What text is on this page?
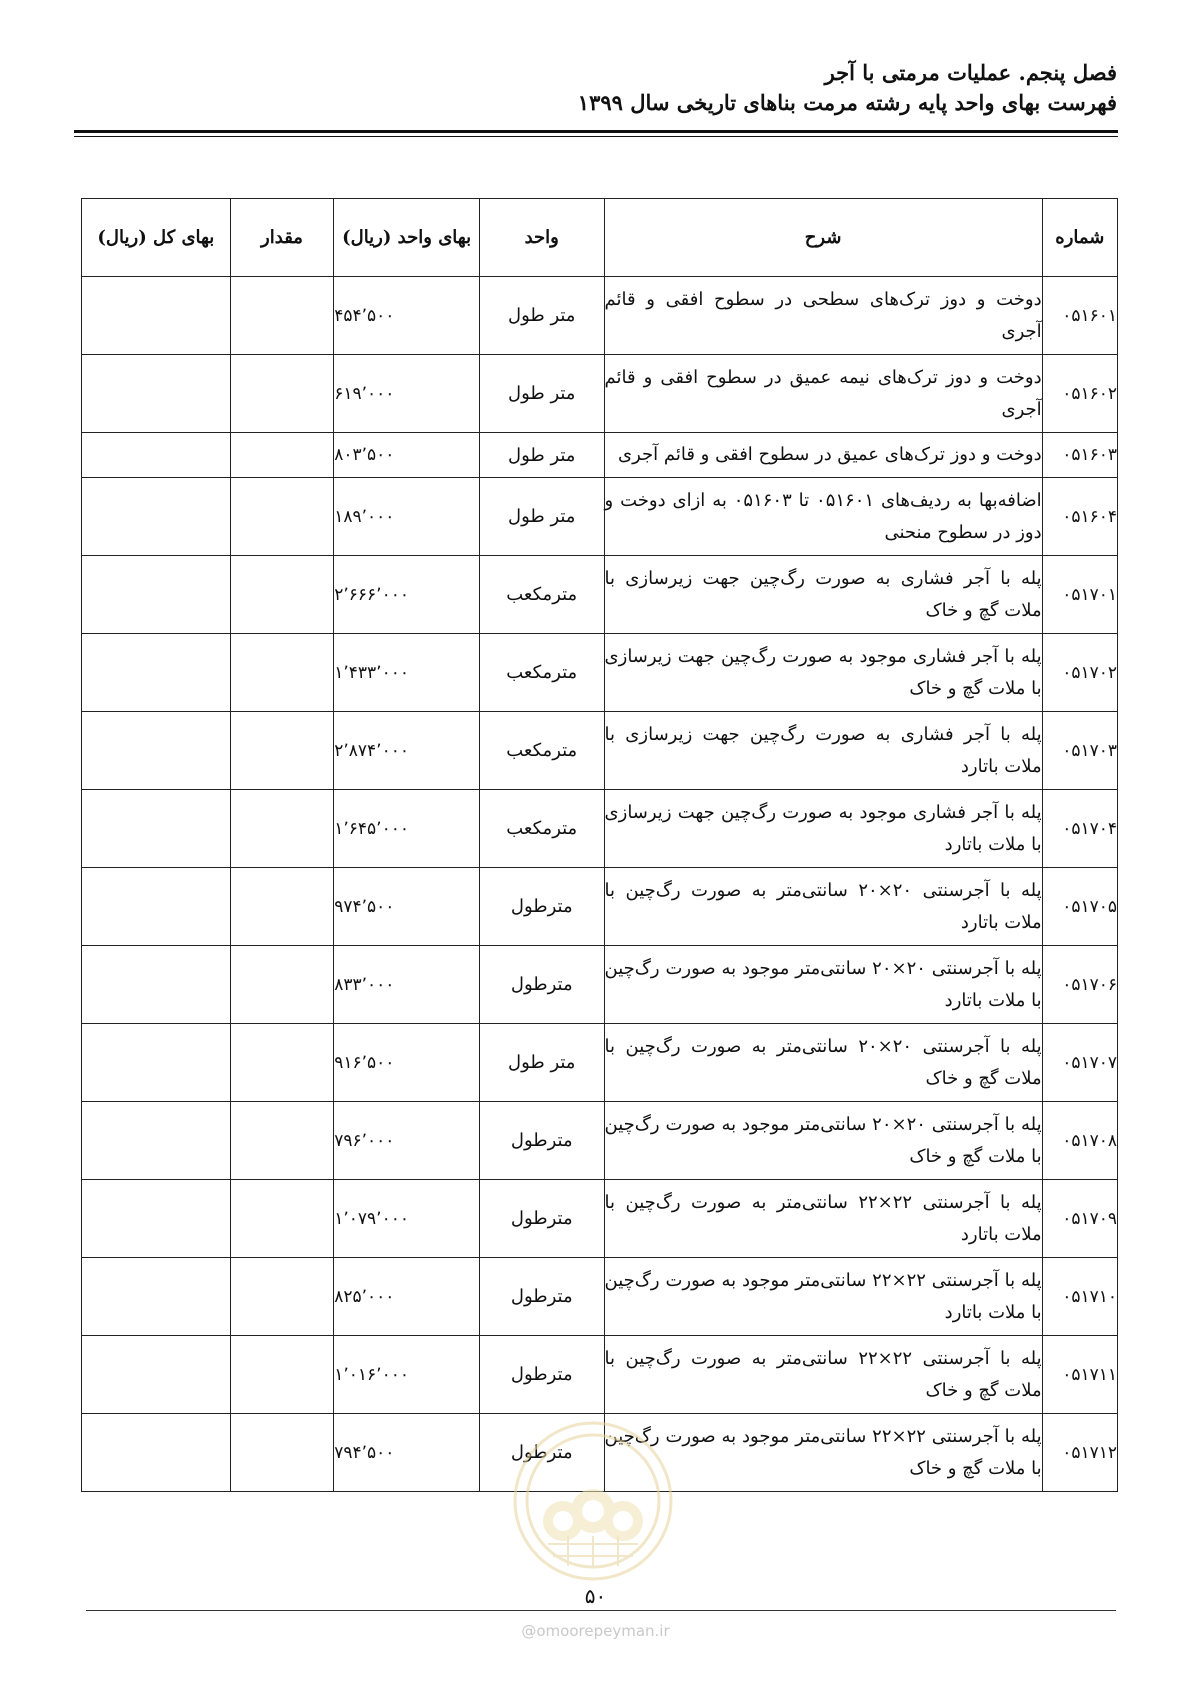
فصل پنجم. عملیات مرمتی با آجر
فهرست بهای واحد پایه رشته مرمت بناهای تاریخی سال ۱۳۹۹
شماره	شرح	واحد	بهای واحد (ریال)	مقدار	بهای کل (ریال)
۰۵۱۶۰۱	دوخت و دوز ترک‌های سطحی در سطوح افقی و قائم آجری	متر طول	۴۵۴٬۵۰۰		
۰۵۱۶۰۲	دوخت و دوز ترک‌های نیمه عمیق در سطوح افقی و قائم آجری	متر طول	۶۱۹٬۰۰۰		
۰۵۱۶۰۳	دوخت و دوز ترک‌های عمیق در سطوح افقی و قائم آجری	متر طول	۸۰۳٬۵۰۰		
۰۵۱۶۰۴	اضافه‌بها به ردیف‌های ۰۵۱۶۰۱ تا ۰۵۱۶۰۳ به ازای دوخت و دوز در سطوح منحنی	متر طول	۱۸۹٬۰۰۰		
۰۵۱۷۰۱	پله با آجر فشاری به صورت رگ‌چین جهت زیرسازی با ملات گچ و خاک	مترمکعب	۲٬۶۶۶٬۰۰۰		
۰۵۱۷۰۲	پله با آجر فشاری موجود به صورت رگ‌چین جهت زیرسازی با ملات گچ و خاک	مترمکعب	۱٬۴۳۳٬۰۰۰		
۰۵۱۷۰۳	پله با آجر فشاری به صورت رگ‌چین جهت زیرسازی با ملات باتارد	مترمکعب	۲٬۸۷۴٬۰۰۰		
۰۵۱۷۰۴	پله با آجر فشاری موجود به صورت رگ‌چین جهت زیرسازی با ملات باتارد	مترمکعب	۱٬۶۴۵٬۰۰۰		
۰۵۱۷۰۵	پله با آجرسنتی ۲۰×۲۰ سانتی‌متر به صورت رگ‌چین با ملات باتارد	مترطول	۹۷۴٬۵۰۰		
۰۵۱۷۰۶	پله با آجرسنتی ۲۰×۲۰ سانتی‌متر موجود به صورت رگ‌چین با ملات باتارد	مترطول	۸۳۳٬۰۰۰		
۰۵۱۷۰۷	پله با آجرسنتی ۲۰×۲۰ سانتی‌متر به صورت رگ‌چین با ملات گچ و خاک	متر طول	۹۱۶٬۵۰۰		
۰۵۱۷۰۸	پله با آجرسنتی ۲۰×۲۰ سانتی‌متر موجود به صورت رگ‌چین با ملات گچ و خاک	مترطول	۷۹۶٬۰۰۰		
۰۵۱۷۰۹	پله با آجرسنتی ۲۲×۲۲ سانتی‌متر به صورت رگ‌چین با ملات باتارد	مترطول	۱٬۰۷۹٬۰۰۰		
۰۵۱۷۱۰	پله با آجرسنتی ۲۲×۲۲ سانتی‌متر موجود به صورت رگ‌چین با ملات باتارد	مترطول	۸۲۵٬۰۰۰		
۰۵۱۷۱۱	پله با آجرسنتی ۲۲×۲۲ سانتی‌متر به صورت رگ‌چین با ملات گچ و خاک	مترطول	۱٬۰۱۶٬۰۰۰		
۰۵۱۷۱۲	پله با آجرسنتی ۲۲×۲۲ سانتی‌متر موجود به صورت رگ‌چین با ملات گچ و خاک	مترطول	۷۹۴٬۵۰۰		
۵۰
@omoorepeyman.ir
